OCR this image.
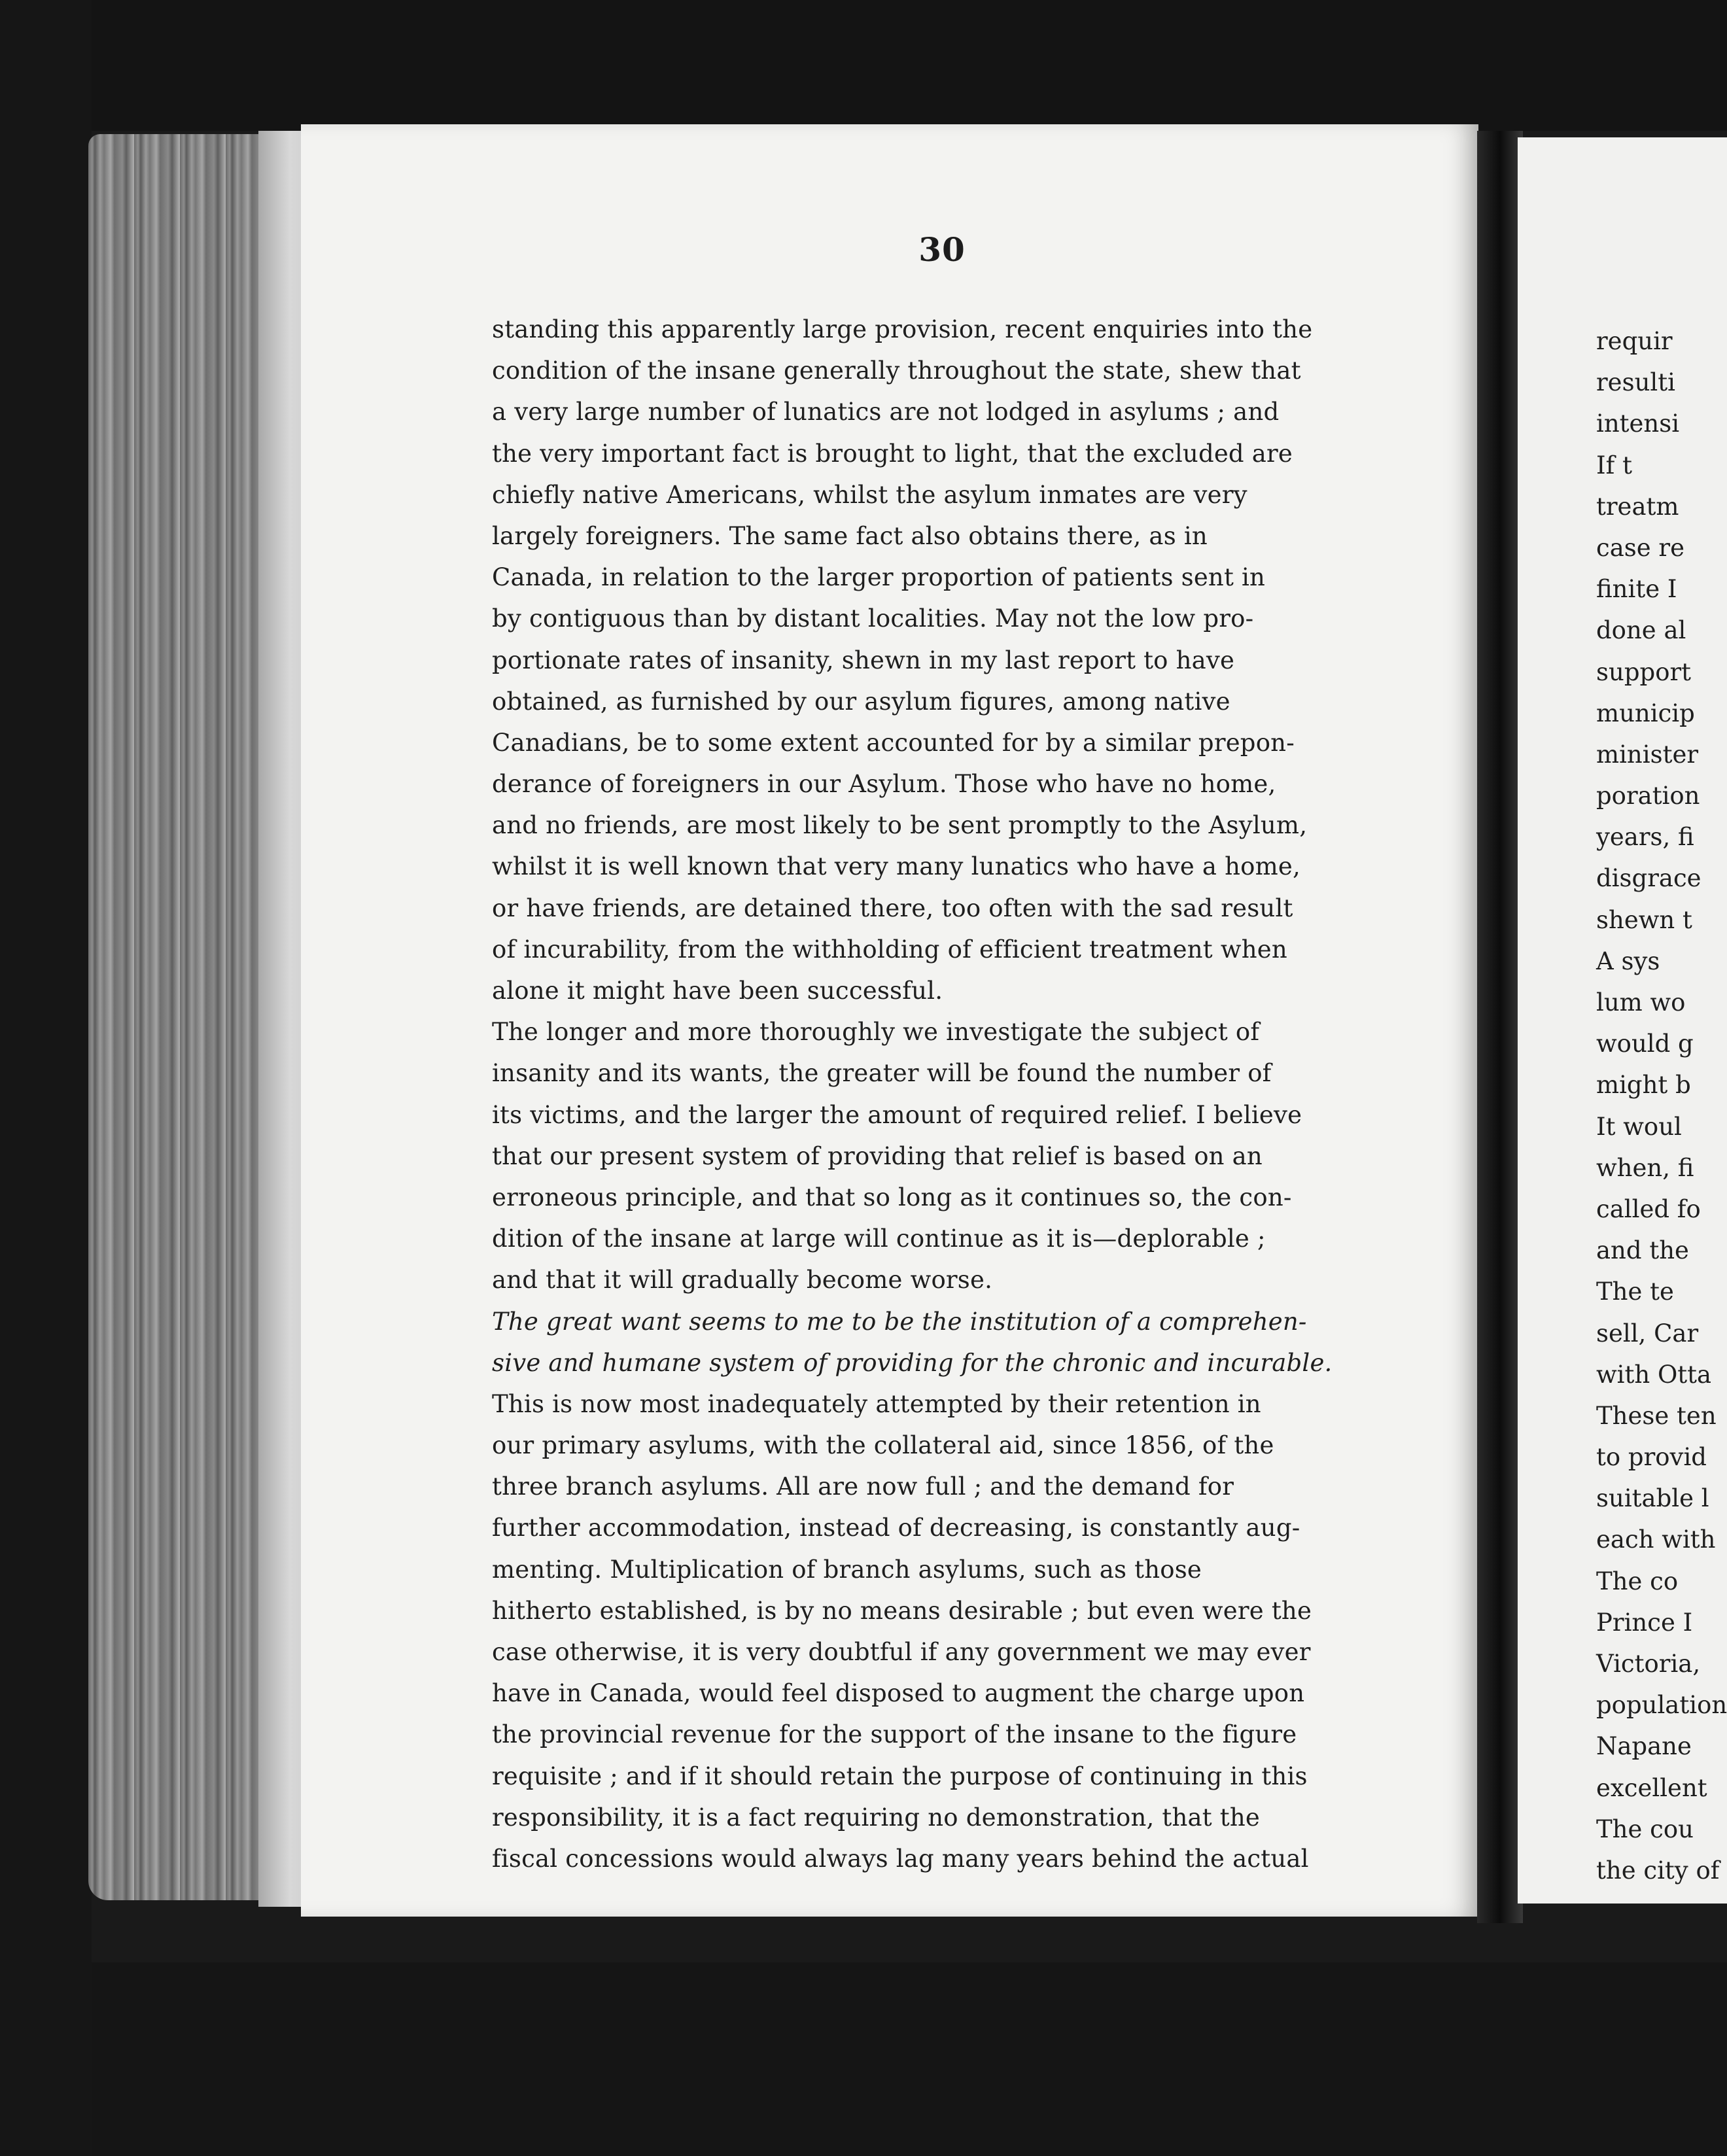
30
standing this apparently large provision, recent enquiries into the
condition of the insane generally throughout the state, shew that
a very large number of lunatics are not lodged in asylums ; and
the very important fact is brought to light, that the excluded are
chiefly native Americans, whilst the asylum inmates are very
largely foreigners. The same fact also obtains there, as in
Canada, in relation to the larger proportion of patients sent in
by contiguous than by distant localities. May not the low pro-
portionate rates of insanity, shewn in my last report to have
obtained, as furnished by our asylum figures, among native
Canadians, be to some extent accounted for by a similar prepon-
derance of foreigners in our Asylum. Those who have no home,
and no friends, are most likely to be sent promptly to the Asylum,
whilst it is well known that very many lunatics who have a home,
or have friends, are detained there, too often with the sad result
of incurability, from the withholding of efficient treatment when
alone it might have been successful.
The longer and more thoroughly we investigate the subject of
insanity and its wants, the greater will be found the number of
its victims, and the larger the amount of required relief. I believe
that our present system of providing that relief is based on an
erroneous principle, and that so long as it continues so, the con-
dition of the insane at large will continue as it is—deplorable ;
and that it will gradually become worse.
The great want seems to me to be the institution of a comprehen-
sive and humane system of providing for the chronic and incurable.
This is now most inadequately attempted by their retention in
our primary asylums, with the collateral aid, since 1856, of the
three branch asylums. All are now full ; and the demand for
further accommodation, instead of decreasing, is constantly aug-
menting. Multiplication of branch asylums, such as those
hitherto established, is by no means desirable ; but even were the
case otherwise, it is very doubtful if any government we may ever
have in Canada, would feel disposed to augment the charge upon
the provincial revenue for the support of the insane to the figure
requisite ; and if it should retain the purpose of continuing in this
responsibility, it is a fact requiring no demonstration, that the
fiscal concessions would always lag many years behind the actual
requir
resulti
intensi
If t
treatm
case re
finite I
done al
support
municip
minister
poration
years, fi
disgrace
shewn t
A sys
lum wo
would g
might b
It woul
when, fi
called fo
and the
The te
sell, Car
with Otta
These ten
to provid
suitable l
each with
The co
Prince I
Victoria,
population
Napane
excellent
The cou
the city of
